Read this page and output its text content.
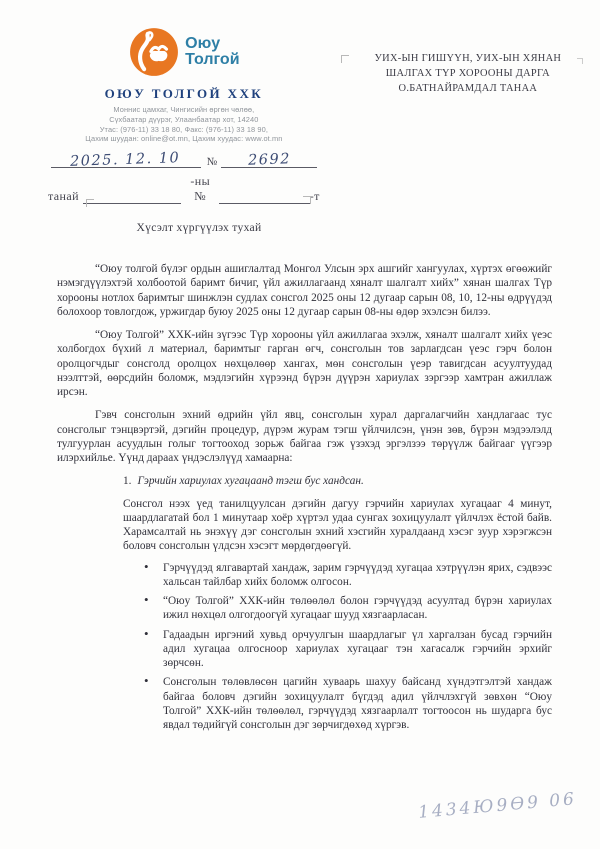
Оюу
Толгой
ОЮУ ТОЛГОЙ ХХК
Моннис цамхаг, Чингисийн өргөн чөлөө,
Сүхбаатар дүүрэг, Улаанбаатар хот, 14240
Утас: (976-11) 33 18 80, Факс: (976-11) 33 18 90,
Цахим шуудан: online@ot.mn, Цахим хуудас: www.ot.mn
2025. 12. 10	№	2692
танай
-ны №	-т
УИХ-ЫН ГИШҮҮН, УИХ-ЫН ХЯНАН
ШАЛГАХ ТҮР ХОРООНЫ ДАРГА
О.БАТНАЙРАМДАЛ ТАНАА
Хүсэлт хүргүүлэх тухай

“Оюу толгой бүлэг ордын ашиглалтад Монгол Улсын эрх ашгийг хангуулах, хүртэх өгөөжийг нэмэгдүүлэхтэй холбоотой баримт бичиг, үйл ажиллагаанд хяналт шалгалт хийх” хянан шалгах Түр хорооны нотлох баримтыг шинжлэн судлах сонсгол 2025 оны 12 дугаар сарын 08, 10, 12-ны өдрүүдэд болохоор товлогдож, уржигдар буюу 2025 оны 12 дугаар сарын 08-ны өдөр эхэлсэн билээ.

“Оюу Толгой” ХХК-ийн зүгээс Түр хорооны үйл ажиллагаа эхэлж, хяналт шалгалт хийх үеэс холбогдох бүхий л материал, баримтыг гарган өгч, сонсголын тов зарлагдсан үеэс гэрч болон оролцогчдыг сонсголд оролцох нөхцөлөөр хангах, мөн сонсголын үеэр тавигдсан асуултуудад нээлттэй, өөрсдийн боломж, мэдлэгийн хүрээнд бүрэн дүүрэн хариулах зэргээр хамтран ажиллаж ирсэн.

Гэвч сонсголын эхний өдрийн үйл явц, сонсголын хурал даргалагчийн хандлагаас тус сонсголыг тэнцвэртэй, дэгийн процедур, дүрэм журам тэгш үйлчилсэн, үнэн зөв, бүрэн мэдээлэлд тулгуурлан асуудлын голыг тогтооход зорьж байгаа гэж үзэхэд эргэлзээ төрүүлж байгааг үүгээр илэрхийлье. Үүнд дараах үндэслэлүүд хамаарна:

1. Гэрчийн хариулах хугацаанд тэгш бус хандсан.

Сонсгол нээх үед танилцуулсан дэгийн дагуу гэрчийн хариулах хугацааг 4 минут, шаардлагатай бол 1 минутаар хоёр хүртэл удаа сунгах зохицуулалт үйлчлэх ёстой байв. Харамсалтай нь энэхүү дэг сонсголын эхний хэсгийн хуралдаанд хэсэг зуур хэрэгжсэн боловч сонсголын үлдсэн хэсэгт мөрдөгдөөгүй.

• Гэрчүүдэд ялгавартай хандаж, зарим гэрчүүдэд хугацаа хэтрүүлэн ярих, сэдвээс хальсан тайлбар хийх боломж олгосон.
• “Оюу Толгой” ХХК-ийн төлөөлөл болон гэрчүүдэд асуултад бүрэн хариулах ижил нөхцөл олгогдоогүй хугацааг шууд хязгаарласан.
• Гадаадын иргэний хувьд орчуулгын шаардлагыг үл харгалзан бусад гэрчийн адил хугацаа олгосноор хариулах хугацааг тэн хагасалж гэрчийн эрхийг зөрчсөн.
• Сонсголын төлөвлөсөн цагийн хуваарь шахуу байсанд хүндэтгэлтэй хандаж байгаа боловч дэгийн зохицуулалт бүгдэд адил үйлчлэхгүй зөвхөн “Оюу Толгой” ХХК-ийн төлөөлөл, гэрчүүдэд хязгаарлалт тогтоосон нь шударга бус явдал төдийгүй сонсголын дэг зөрчигдөхөд хүргэв.
1434Ю9Ө9 06
